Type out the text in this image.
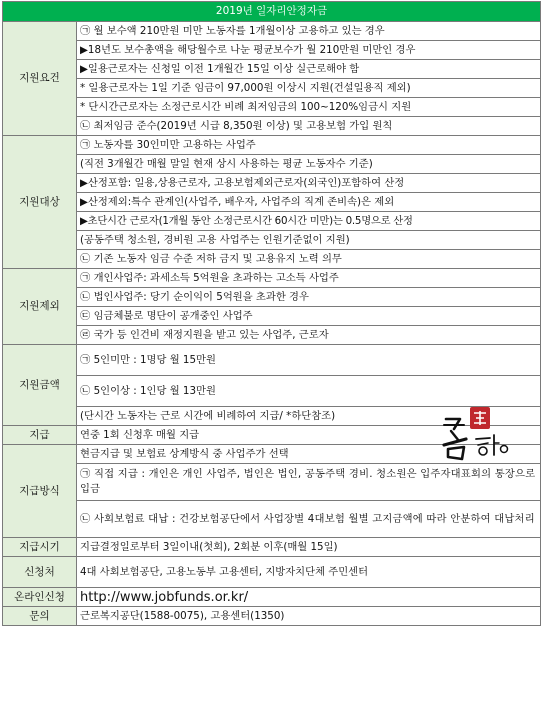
2019년 일자리안정자금	
지원요건	㉠ 월 보수액 210만원 미만 노동자를 1개월이상 고용하고 있는 경우
	▶18년도 보수총액을 해당월수로 나눈 평균보수가 월 210만원 미만인 경우
	▶일용근로자는 신청일 이전 1개월간 15일 이상 실근로해야 함
	* 일용근로자는 1일 기준 임금이 97,000원 이상시 지원(건설일용직 제외)
	* 단시간근로자는 소정근로시간 비례 최저임금의 100~120%임금시 지원
	㉡ 최저임금 준수(2019년 시급 8,350원 이상) 및 고용보험 가입 원칙
지원대상	㉠ 노동자를 30인미만 고용하는 사업주
	(직전 3개월간 매월 말일 현재 상시 사용하는 평균 노동자수 기준)
	▶산정포함: 일용,상용근로자, 고용보험제외근로자(외국인)포함하여 산정
	▶산정제외:특수 관계인(사업주, 배우자, 사업주의 직계 존비속)은 제외
	▶초단시간 근로자(1개월 동안 소정근로시간 60시간 미만)는 0.5명으로 산정
	(공동주택 청소원, 경비원 고용 사업주는 인원기준없이 지원)
	㉡ 기존 노동자 임금 수준 저하 금지 및 고용유지 노력 의무
지원제외	㉠ 개인사업주: 과세소득 5억원을 초과하는 고소득 사업주
	㉡ 법인사업주: 당기 순이익이 5억원을 초과한 경우
	㉢ 임금체불로 명단이 공개중인 사업주
	㉣ 국가 등 인건비 재정지원을 받고 있는 사업주, 근로자
지원금액	㉠ 5인미만 : 1명당 월 15만원
	㉡ 5인이상 : 1인당 월 13만원
	(단시간 노동자는 근로 시간에 비례하여 지급/ *하단참조)
지급	연중 1회 신청후 매월 지급
지급방식	현금지급 및 보험료 상계방식 중 사업주가 선택
	㉠ 직접 지급 : 개인은 개인 사업주, 법인은 법인, 공동주택 경비. 청소원은 입주자대표회의 통장으로 입금
	㉡ 사회보험료 대납 : 건강보험공단에서 사업장별 4대보험 월별 고지금액에 따라 안분하여 대납처리
지급시기	지급결정일로부터 3일이내(첫회), 2회분 이후(매월 15일)
신청처	4대 사회보험공단, 고용노동부 고용센터, 지방자치단체 주민센터
온라인신청	http://www.jobfunds.or.kr/
문의	근로복지공단(1588-0075), 고용센터(1350)
